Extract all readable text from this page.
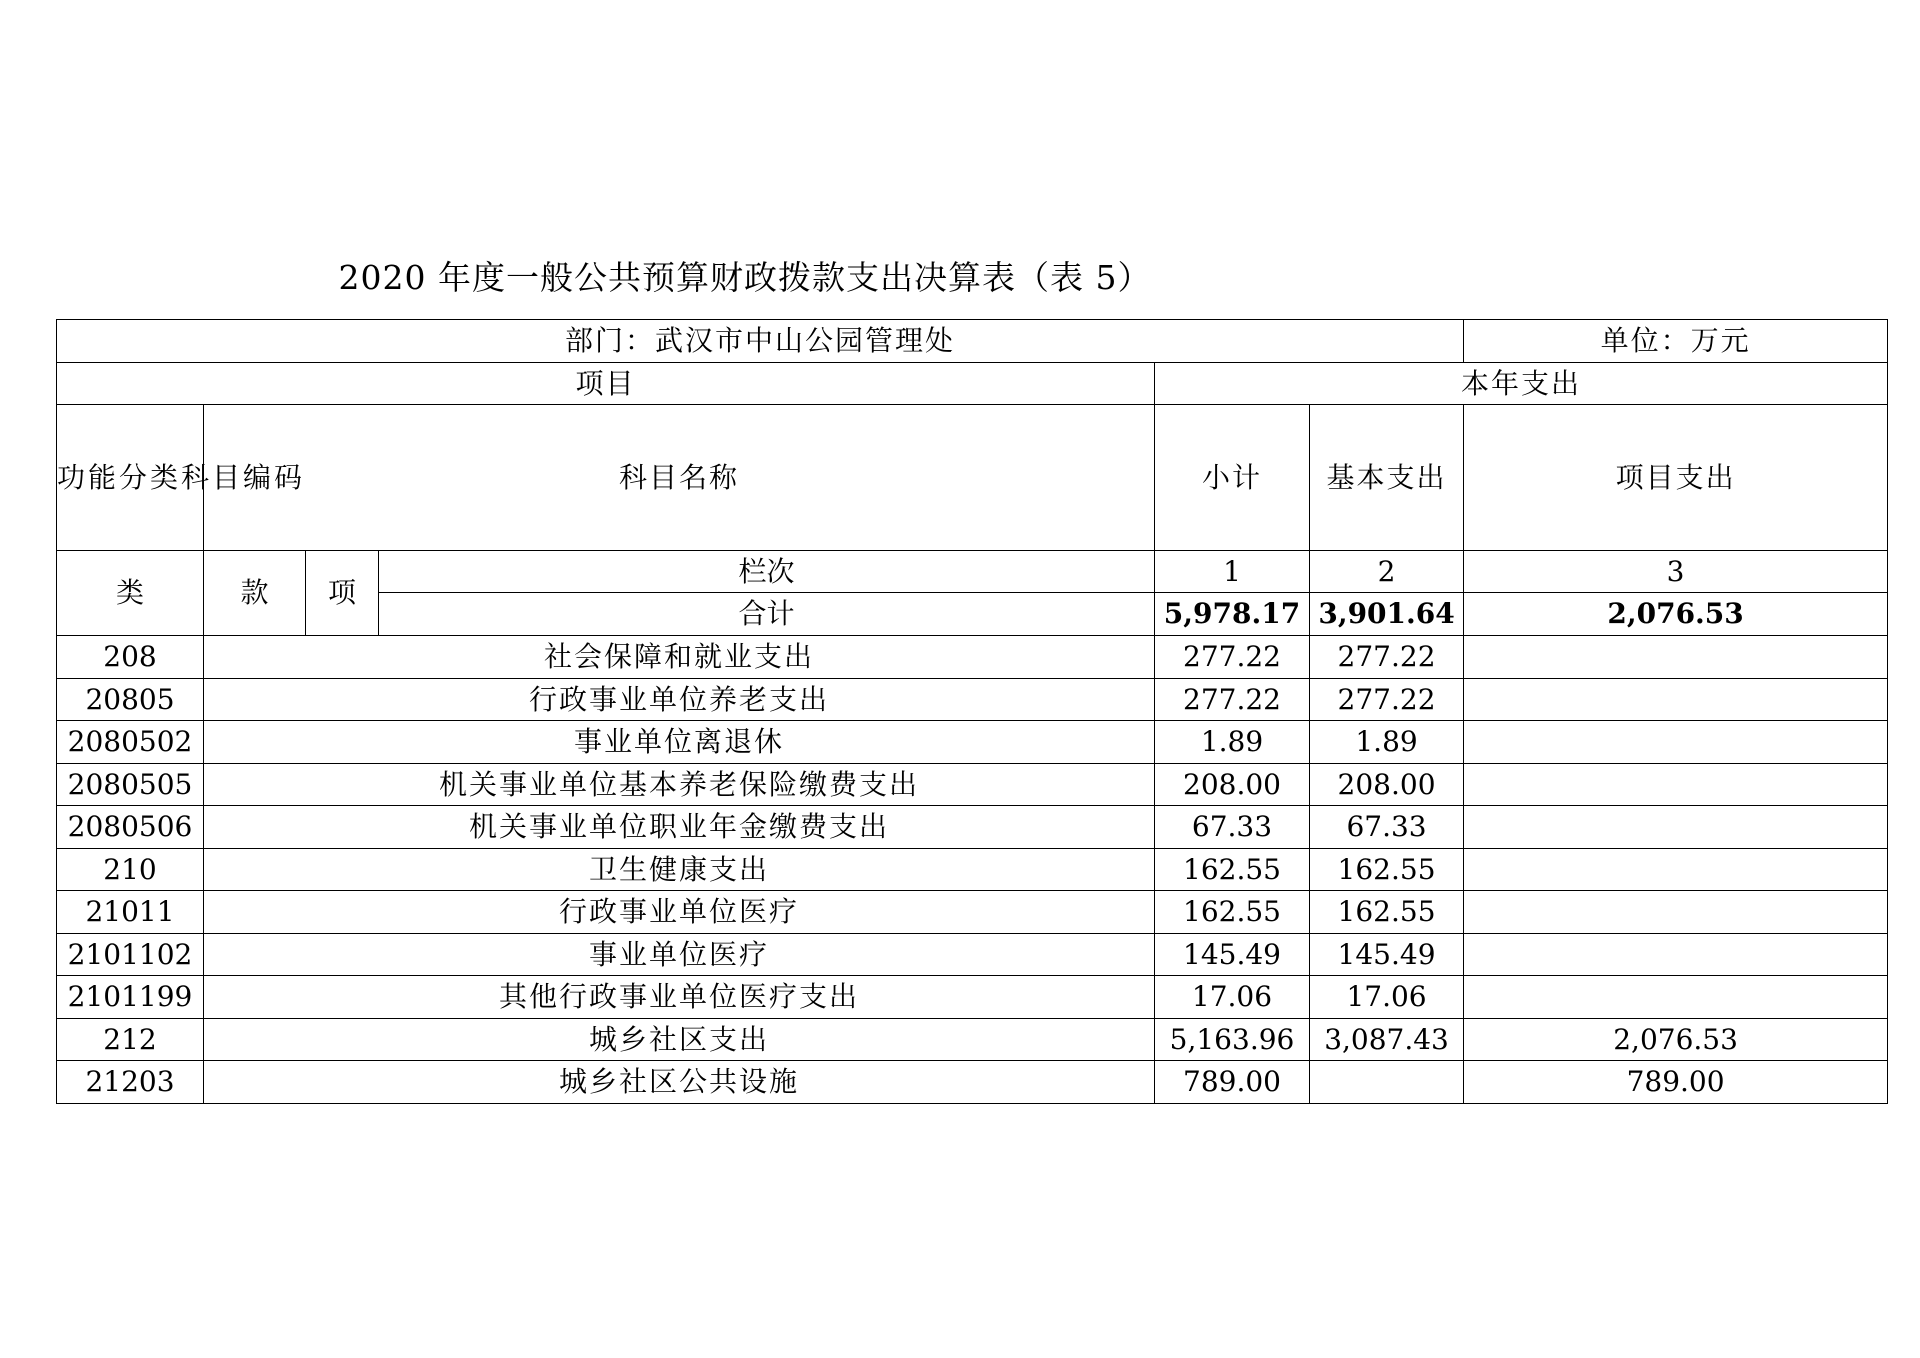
2020 年度一般公共预算财政拨款支出决算表（表 5）
部门：武汉市中山公园管理处						单位：万元
项目				本年支出		
功能分类科目编码	科目名称			小计	基本支出	项目支出
类	款	项	栏次	1	2	3
			合计	5,978.17	3,901.64	2,076.53
208	社会保障和就业支出			277.22	277.22	
20805	行政事业单位养老支出			277.22	277.22	
2080502	事业单位离退休			1.89	1.89	
2080505	机关事业单位基本养老保险缴费支出			208.00	208.00	
2080506	机关事业单位职业年金缴费支出			67.33	67.33	
210	卫生健康支出			162.55	162.55	
21011	行政事业单位医疗			162.55	162.55	
2101102	事业单位医疗			145.49	145.49	
2101199	其他行政事业单位医疗支出			17.06	17.06	
212	城乡社区支出			5,163.96	3,087.43	2,076.53
21203	城乡社区公共设施			789.00		789.00
